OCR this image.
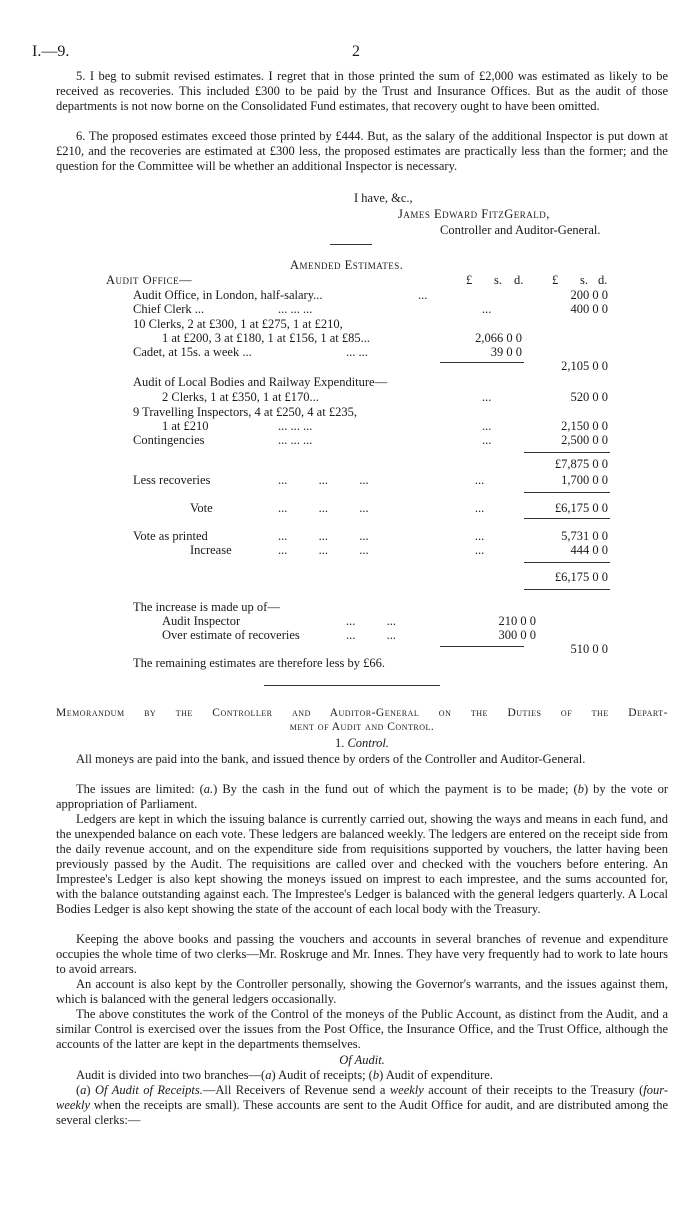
I.—9.	2
5. I beg to submit revised estimates. I regret that in those printed the sum of £2,000 was estimated as likely to be received as recoveries. This included £300 to be paid by the Trust and Insurance Offices. But as the audit of those departments is not now borne on the Consolidated Fund estimates, that recovery ought to have been omitted.
6. The proposed estimates exceed those printed by £444. But, as the salary of the additional Inspector is put down at £210, and the recoveries are estimated at £300 less, the proposed estimates are practically less than the former; and the question for the Committee will be whether an additional Inspector is necessary.
I have, &c.,
James Edward FitzGerald,
Controller and Auditor-General.
Amended Estimates.
£ s. d. £ s. d.
Audit Office—
Audit Office, in London, half-salary...	...	200 0 0
Chief Clerk ...	... ... ...	...	400 0 0
10 Clerks, 2 at £300, 1 at £275, 1 at £210,
1 at £200, 3 at £180, 1 at £156, 1 at £85...	2,066 0 0
Cadet, at 15s. a week ...	... ...	39 0 0
2,105 0 0
Audit of Local Bodies and Railway Expenditure—
2 Clerks, 1 at £350, 1 at £170...	...	520 0 0
9 Travelling Inspectors, 4 at £250, 4 at £235,
1 at £210	... ... ...	...	2,150 0 0
Contingencies	... ... ...	...	2,500 0 0
£7,875 0 0
Less recoveries	...          ...          ...                                  ...	1,700 0 0
Vote	...          ...          ...                                  ...	£6,175 0 0
Vote as printed	...          ...          ...                                  ...	5,731 0 0
Increase	...          ...          ...                                  ...	444 0 0
£6,175 0 0
The increase is made up of—
Audit Inspector	...          ...	210 0 0
Over estimate of recoveries	...          ...	300 0 0
510 0 0
The remaining estimates are therefore less by £66.
Memorandum by the Controller and Auditor-General on the Duties of the Depart-
ment of Audit and Control.
1. Control.
All moneys are paid into the bank, and issued thence by orders of the Controller and Auditor-General.
The issues are limited: (a.) By the cash in the fund out of which the payment is to be made; (b) by the vote or appropriation of Parliament.
Ledgers are kept in which the issuing balance is currently carried out, showing the ways and means in each fund, and the unexpended balance on each vote. These ledgers are balanced weekly. The ledgers are entered on the receipt side from the daily revenue account, and on the expenditure side from requisitions supported by vouchers, the latter having been previously passed by the Audit. The requisitions are called over and checked with the vouchers before entering. An Imprestee's Ledger is also kept showing the moneys issued on imprest to each imprestee, and the sums accounted for, with the balance outstanding against each. The Imprestee's Ledger is balanced with the general ledgers quarterly. A Local Bodies Ledger is also kept showing the state of the account of each local body with the Treasury.
Keeping the above books and passing the vouchers and accounts in several branches of revenue and expenditure occupies the whole time of two clerks—Mr. Roskruge and Mr. Innes. They have very frequently had to work to late hours to avoid arrears.
An account is also kept by the Controller personally, showing the Governor's warrants, and the issues against them, which is balanced with the general ledgers occasionally.
The above constitutes the work of the Control of the moneys of the Public Account, as distinct from the Audit, and a similar Control is exercised over the issues from the Post Office, the Insurance Office, and the Trust Office, although the accounts of the latter are kept in the departments themselves.
Of Audit.
Audit is divided into two branches—(a) Audit of receipts; (b) Audit of expenditure.
(a) Of Audit of Receipts.—All Receivers of Revenue send a weekly account of their receipts to the Treasury (four-weekly when the receipts are small). These accounts are sent to the Audit Office for audit, and are distributed among the several clerks:—
